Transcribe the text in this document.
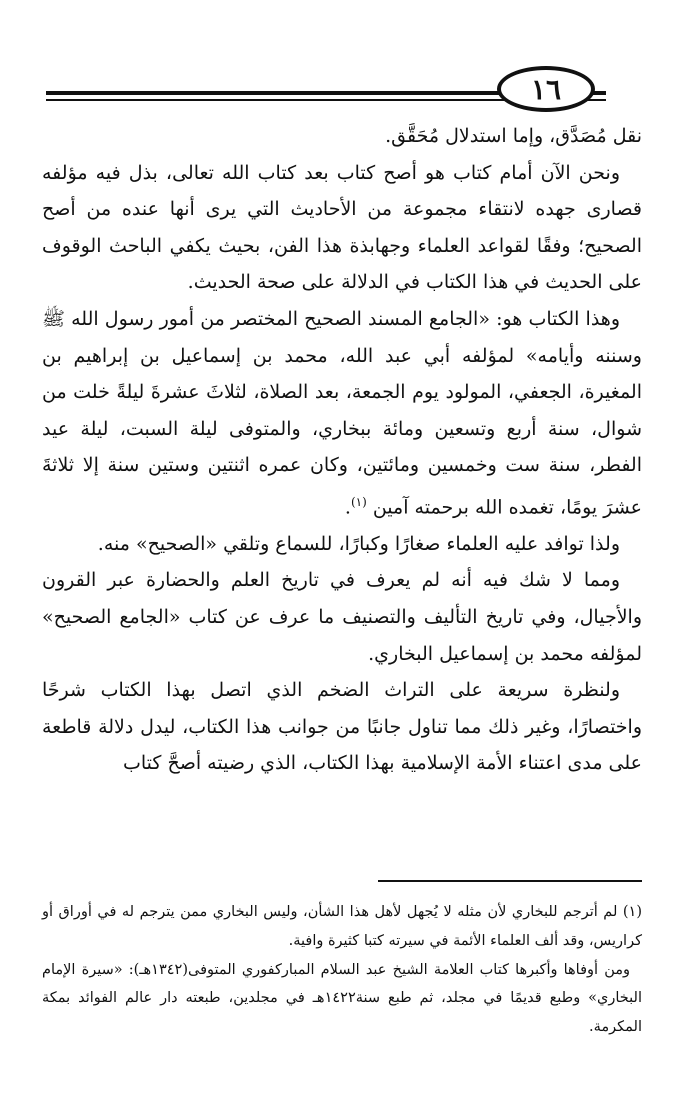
١٦

نقل مُصَدَّق، وإما استدلال مُحَقَّق.

ونحن الآن أمام كتاب هو أصح كتاب بعد كتاب الله تعالى، بذل فيه مؤلفه قصارى جهده لانتقاء مجموعة من الأحاديث التي يرى أنها عنده من أصح الصحيح؛ وفقًا لقواعد العلماء وجهابذة هذا الفن، بحيث يكفي الباحث الوقوف على الحديث في هذا الكتاب في الدلالة على صحة الحديث.

وهذا الكتاب هو: «الجامع المسند الصحيح المختصر من أمور رسول الله ﷺ وسننه وأيامه» لمؤلفه أبي عبد الله، محمد بن إسماعيل بن إبراهيم بن المغيرة، الجعفي، المولود يوم الجمعة، بعد الصلاة، لثلاثَ عشرةَ ليلةً خلت من شوال، سنة أربع وتسعين ومائة ببخاري، والمتوفى ليلة السبت، ليلة عيد الفطر، سنة ست وخمسين ومائتين، وكان عمره اثنتين وستين سنة إلا ثلاثةَ عشرَ يومًا، تغمده الله برحمته آمين $^{(١)}$.

ولذا توافد عليه العلماء صغارًا وكبارًا، للسماع وتلقي «الصحيح» منه.

ومما لا شك فيه أنه لم يعرف في تاريخ العلم والحضارة عبر القرون والأجيال، وفي تاريخ التأليف والتصنيف ما عرف عن كتاب «الجامع الصحيح» لمؤلفه محمد بن إسماعيل البخاري.

ولنظرة سريعة على التراث الضخم الذي اتصل بهذا الكتاب شرحًا واختصارًا، وغير ذلك مما تناول جانبًا من جوانب هذا الكتاب، ليدل دلالة قاطعة على مدى اعتناء الأمة الإسلامية بهذا الكتاب، الذي رضيته أصحَّ كتاب

(١) لم أترجم للبخاري لأن مثله لا يُجهل لأهل هذا الشأن، وليس البخاري ممن يترجم له في أوراق أو كراريس، وقد ألف العلماء الأئمة في سيرته كتبا كثيرة وافية.

ومن أوفاها وأكبرها كتاب العلامة الشيخ عبد السلام المباركفوري المتوفى(١٣٤٢هـ): «سيرة الإمام البخاري» وطبع قديمًا في مجلد، ثم طبع سنة١٤٢٢هـ في مجلدين، طبعته دار عالم الفوائد بمكة المكرمة.
